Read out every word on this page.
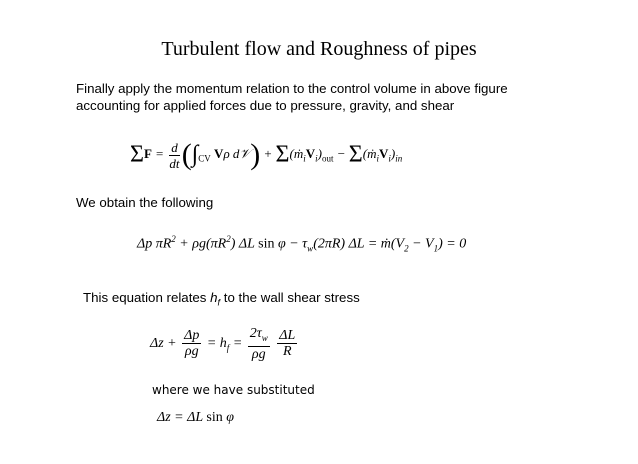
Turbulent flow and Roughness of pipes
Finally apply the momentum relation to the control volume in above figure
accounting for applied forces due to pressure, gravity, and shear
$\Sigma F = \frac{d}{dt} (\int_{CV}$ Vρ d𝒱) + $\Sigma(ṁ_iV_i)_{out}$ − $\Sigma(ṁ_iV_i)_{in}$
We obtain the following
Δp $\pi R^2 + \rho g(\pi R^2)$ ΔL $\sin \varphi - \tau_w(2\pi R) \Delta L$ = $ṁ(V_2 - V_1) = 0$
This equation relates $h_f$ to the wall shear stress
$\Delta z + \frac{\Delta p}{\rho g} = h_f = \frac{2\tau_w}{\rho g}$
$\frac{\Delta L}{R}$
where we have substituted
Δz = ΔL sin φ
